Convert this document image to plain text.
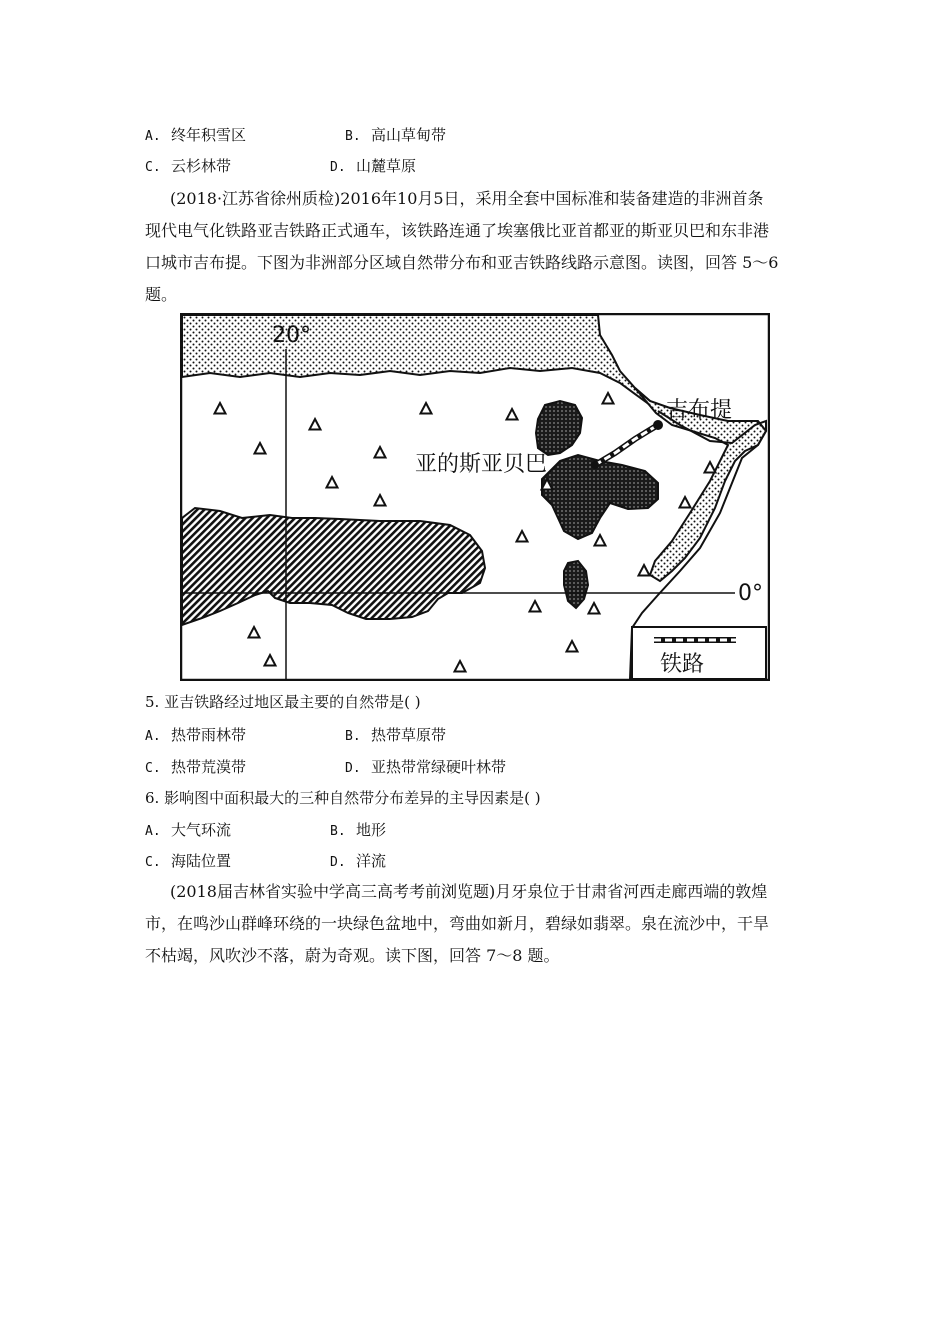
A. 终年积雪区	B. 高山草甸带
C. 云杉林带	D. 山麓草原
(2018·江苏省徐州质检)2016年10月5日，采用全套中国标准和装备建造的非洲首条
现代电气化铁路亚吉铁路正式通车，该铁路连通了埃塞俄比亚首都亚的斯亚贝巴和东非港
口城市吉布提。下图为非洲部分区域自然带分布和亚吉铁路线路示意图。读图，回答 5～6
题。
20°
0°
亚的斯亚贝巴
吉布提
铁路
5. 亚吉铁路经过地区最主要的自然带是( )
A. 热带雨林带	B. 热带草原带
C. 热带荒漠带	D. 亚热带常绿硬叶林带
6. 影响图中面积最大的三种自然带分布差异的主导因素是( )
A. 大气环流	B. 地形
C. 海陆位置	D. 洋流
(2018届吉林省实验中学高三高考考前浏览题)月牙泉位于甘肃省河西走廊西端的敦煌
市，在鸣沙山群峰环绕的一块绿色盆地中，弯曲如新月，碧绿如翡翠。泉在流沙中，干旱
不枯竭，风吹沙不落，蔚为奇观。读下图，回答 7～8 题。
